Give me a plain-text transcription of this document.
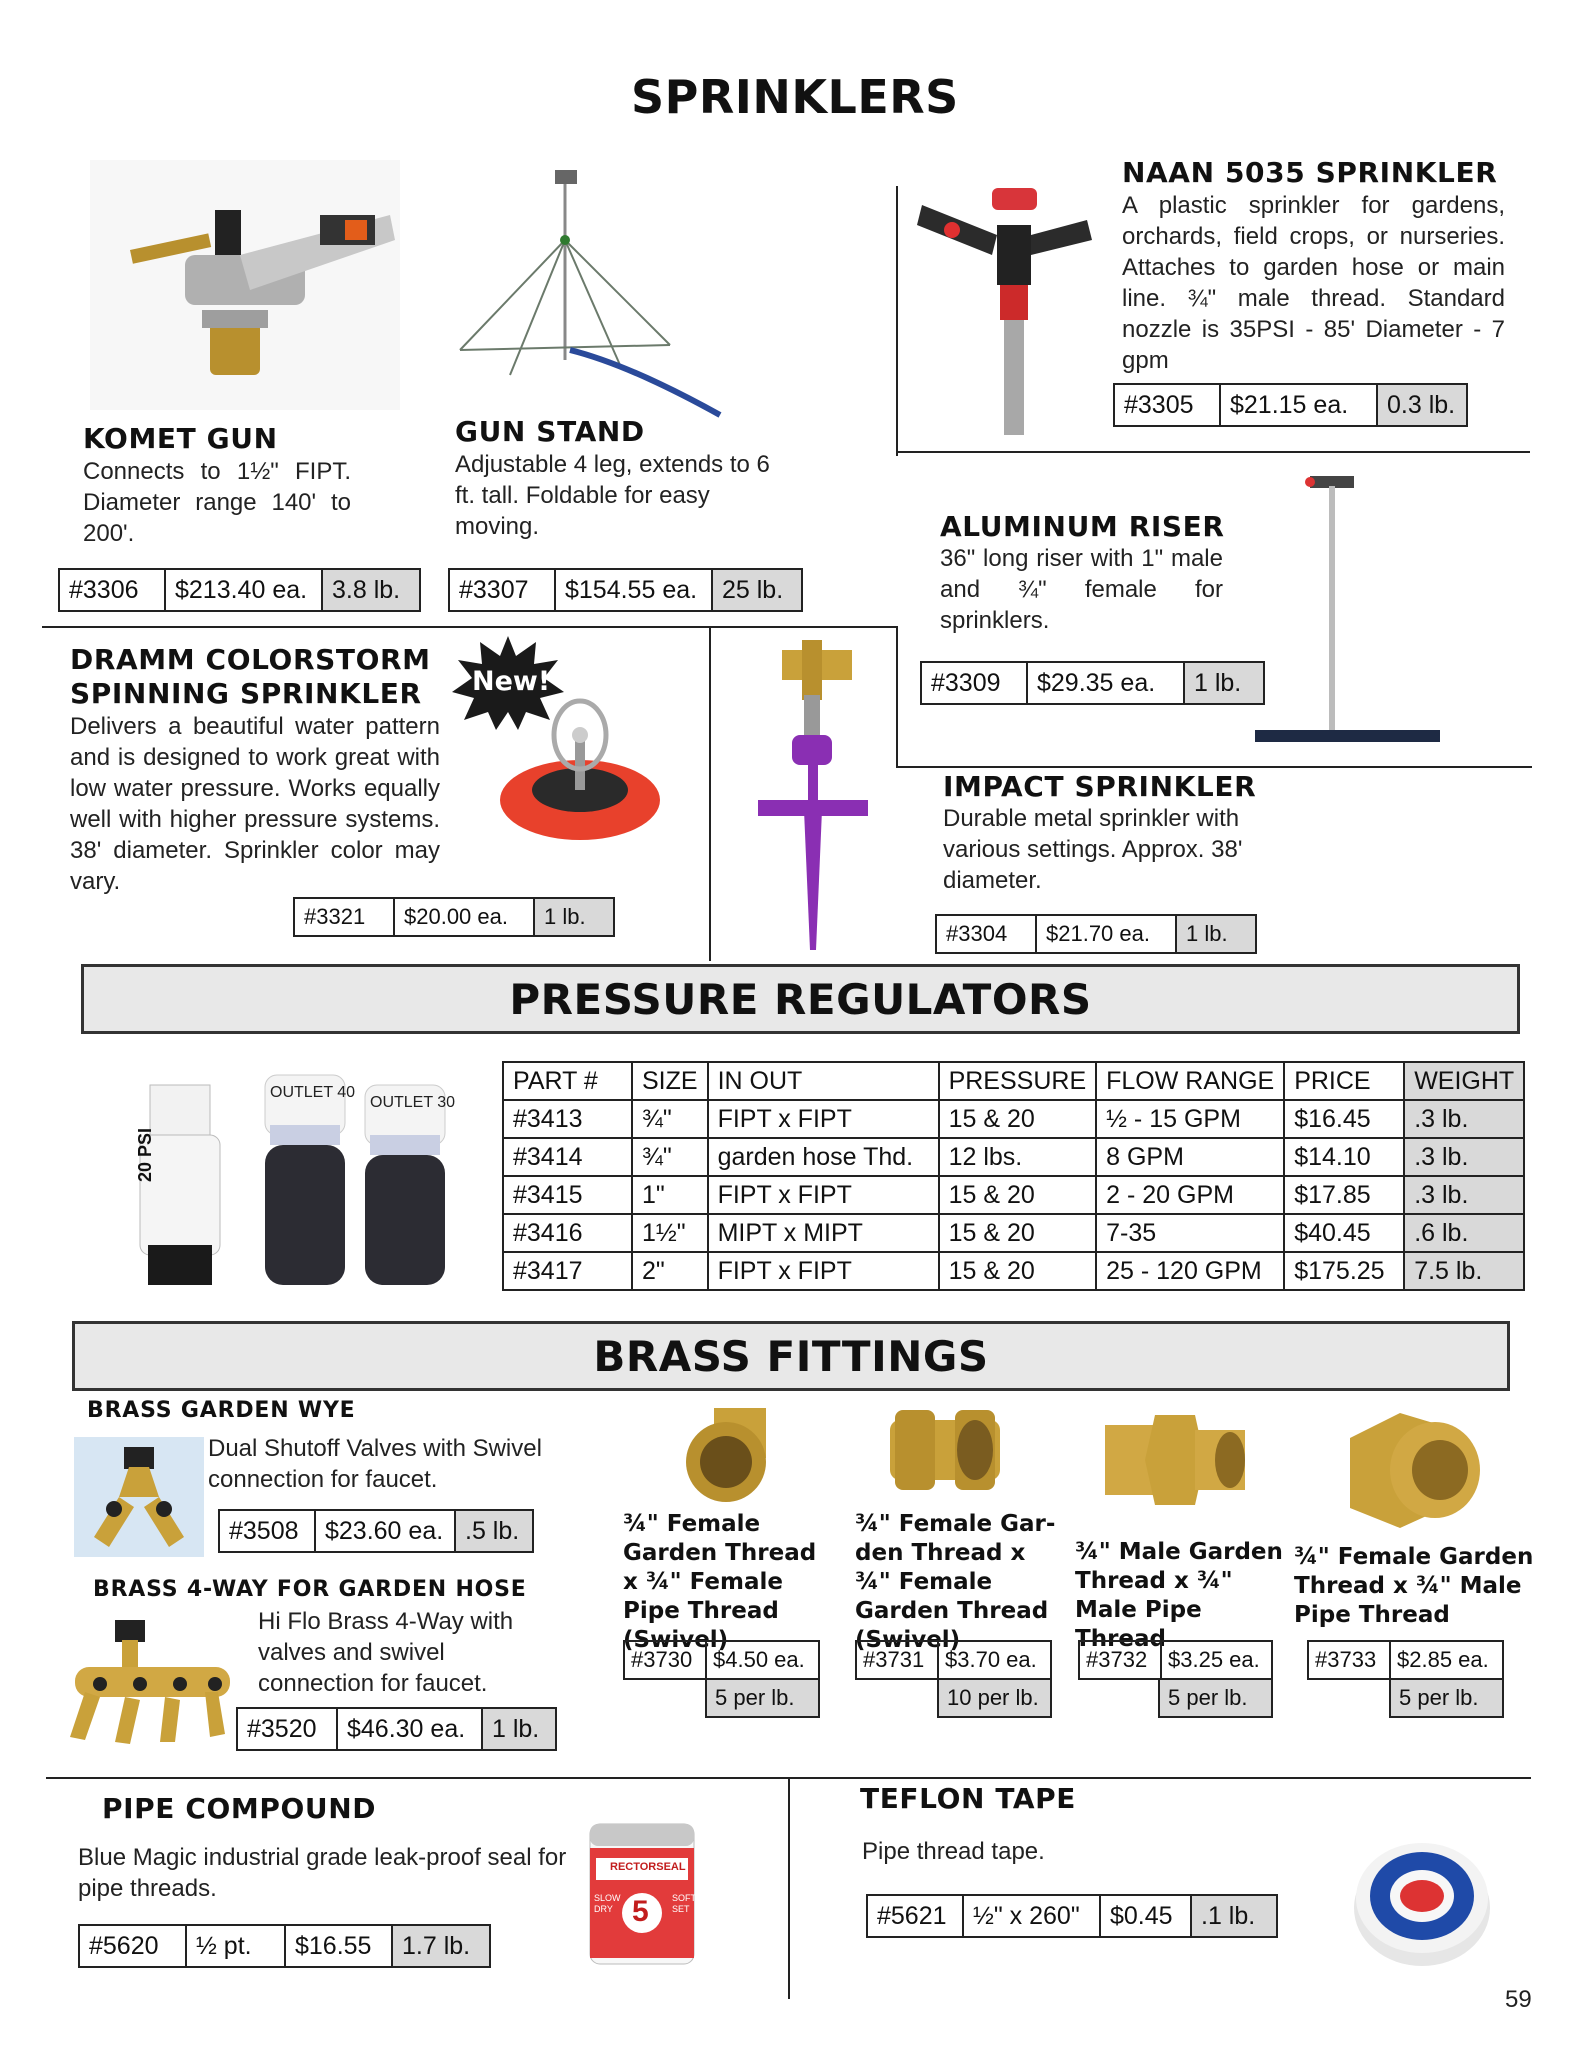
SPRINKLERS
KOMET GUN
Connects to 1½" FIPT. Diameter range 140' to 200'.
#3306	$213.40 ea. 3.8 lb.
GUN STAND
Adjustable 4 leg, extends to 6 ft. tall. Foldable for easy moving.
#3307	$154.55 ea. 25 lb.
NAAN 5035 SPRINKLER
A plastic sprinkler for gardens, orchards, field crops, or nurseries. Attaches to garden hose or main line. ¾" male thread. Standard nozzle is 35PSI - 85' Diameter - 7 gpm
#3305	$21.15 ea.	0.3 lb.
ALUMINUM RISER
36" long riser with 1" male and ¾" female for sprinklers.
#3309	$29.35 ea.	1 lb.
DRAMM COLORSTORM
SPINNING SPRINKLER
Delivers a beautiful water pattern and is designed to work great with low water pressure. Works equally well with higher pressure systems. 38' diameter. Sprinkler color may vary.
New!
#3321	$20.00 ea.	1 lb.
IMPACT SPRINKLER
Durable metal sprinkler with various settings. Approx. 38' diameter.
#3304	$21.70 ea.	1 lb.
PRESSURE REGULATORS
20 PSI
OUTLET 40
OUTLET 30
PART #	SIZE	IN OUT	PRESSURE	FLOW RANGE	PRICE	WEIGHT
#3413	¾"	FIPT x FIPT	15 & 20	½ - 15 GPM	$16.45	.3 lb.
#3414	¾"	garden hose Thd.	12 lbs.	8 GPM	$14.10	.3 lb.
#3415	1"	FIPT x FIPT	15 & 20	2 - 20 GPM	$17.85	.3 lb.
#3416	1½"	MIPT x MIPT	15 & 20	7-35	$40.45	.6 lb.
#3417	2"	FIPT x FIPT	15 & 20	25 - 120 GPM	$175.25	7.5 lb.
BRASS FITTINGS
BRASS GARDEN WYE
Dual Shutoff Valves with Swivel connection for faucet.
#3508	$23.60 ea. .5 lb.
BRASS 4-WAY FOR GARDEN HOSE
Hi Flo Brass 4-Way with valves and swivel connection for faucet.
#3520	$46.30 ea.	1 lb.
¾" Female Garden Thread x ¾" Female Pipe Thread (Swivel)
¾" Female Gar-den Thread x ¾" Female Garden Thread (Swivel)
¾" Male Garden Thread x ¾" Male Pipe Thread
¾" Female Garden Thread x ¾" Male Pipe Thread
#3730 $4.50 ea.
5 per lb.
#3731 $3.70 ea.
10 per lb.
#3732 $3.25 ea.
5 per lb.
#3733 $2.85 ea.
5 per lb.
PIPE COMPOUND
Blue Magic industrial grade leak-proof seal for pipe threads.
#5620	½ pt.	$16.55	1.7 lb.
RECTORSEAL
5
SLOW DRY
SOFT SET
TEFLON TAPE
Pipe thread tape.
#5621	½" x 260"	$0.45	.1 lb.
59
